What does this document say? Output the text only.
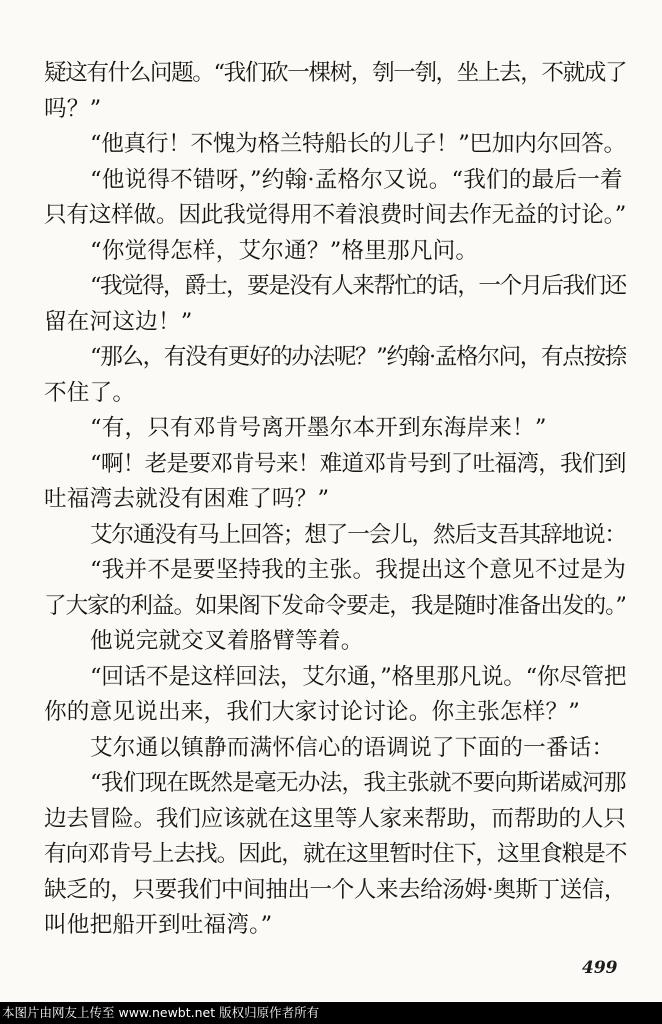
疑这有什么问题。“我们砍一棵树，刳一刳，坐上去，不就成了
吗？”
“他真行！不愧为格兰特船长的儿子！”巴加内尔回答。
“他说得不错呀，”约翰·孟格尔又说。“我们的最后一着
只有这样做。因此我觉得用不着浪费时间去作无益的讨论。”
“你觉得怎样，艾尔通？”格里那凡问。
“我觉得，爵士，要是没有人来帮忙的话，一个月后我们还
留在河这边！”
“那么，有没有更好的办法呢？”约翰·孟格尔问，有点按捺
不住了。
“有，只有邓肯号离开墨尔本开到东海岸来！”
“啊！老是要邓肯号来！难道邓肯号到了吐福湾，我们到
吐福湾去就没有困难了吗？”
艾尔通没有马上回答；想了一会儿，然后支吾其辞地说：
“我并不是要坚持我的主张。我提出这个意见不过是为
了大家的利益。如果阁下发命令要走，我是随时准备出发的。”
他说完就交叉着胳臂等着。
“回话不是这样回法，艾尔通，”格里那凡说。“你尽管把
你的意见说出来，我们大家讨论讨论。你主张怎样？”
艾尔通以镇静而满怀信心的语调说了下面的一番话：
“我们现在既然是毫无办法，我主张就不要向斯诺威河那
边去冒险。我们应该就在这里等人家来帮助，而帮助的人只
有向邓肯号上去找。因此，就在这里暂时住下，这里食粮是不
缺乏的，只要我们中间抽出一个人来去给汤姆·奥斯丁送信，
叫他把船开到吐福湾。”
499
本图片由网友上传至 www.newbt.net 版权归原作者所有
